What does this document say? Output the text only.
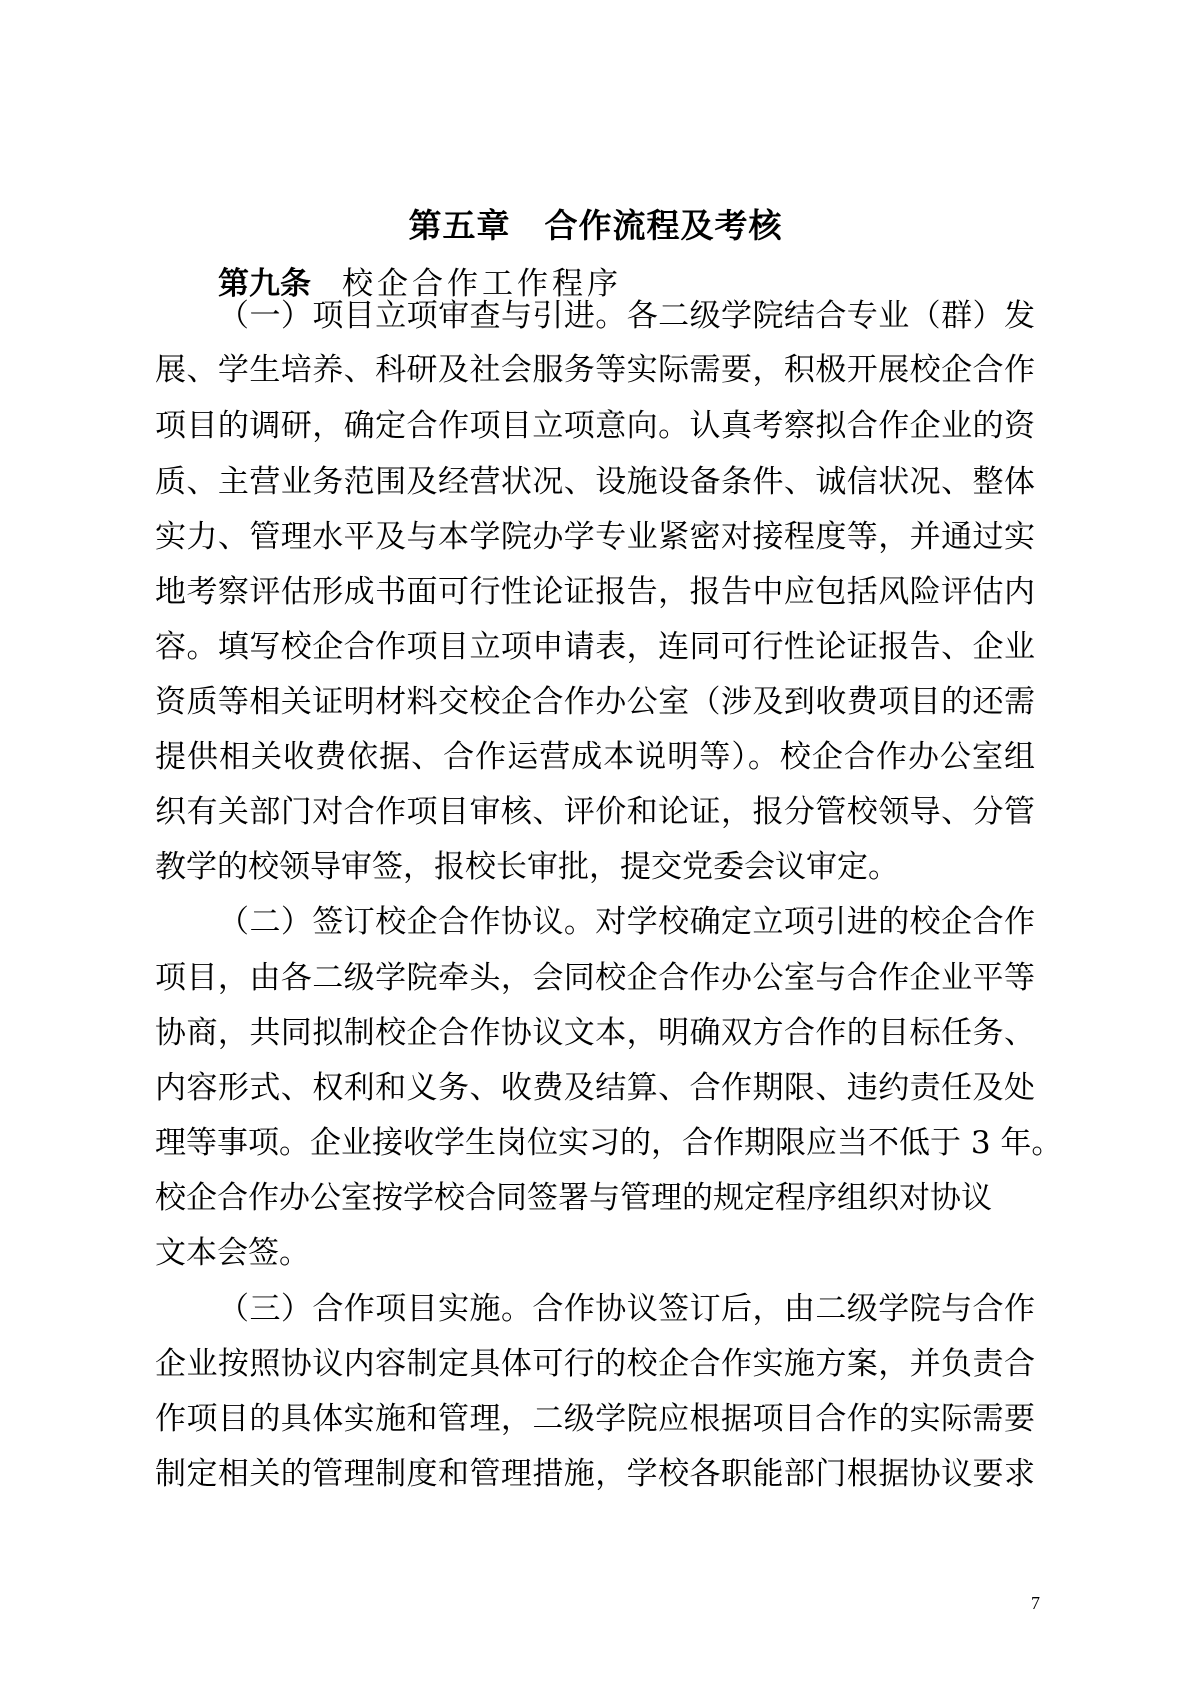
第五章　合作流程及考核
第九条　 校企合作工作程序
（一）项目立项审查与引进。各二级学院结合专业（群）发
展、学生培养、科研及社会服务等实际需要，积极开展校企合作
项目的调研，确定合作项目立项意向。认真考察拟合作企业的资
质、主营业务范围及经营状况、设施设备条件、诚信状况、整体
实力、管理水平及与本学院办学专业紧密对接程度等，并通过实
地考察评估形成书面可行性论证报告，报告中应包括风险评估内
容。填写校企合作项目立项申请表，连同可行性论证报告、企业
资质等相关证明材料交校企合作办公室（涉及到收费项目的还需
提供相关收费依据、合作运营成本说明等）。校企合作办公室组
织有关部门对合作项目审核、评价和论证，报分管校领导、分管
教学的校领导审签，报校长审批，提交党委会议审定。
（二）签订校企合作协议。对学校确定立项引进的校企合作
项目，由各二级学院牵头，会同校企合作办公室与合作企业平等
协商，共同拟制校企合作协议文本，明确双方合作的目标任务、
内容形式、权利和义务、收费及结算、合作期限、违约责任及处
理等事项。企业接收学生岗位实习的，合作期限应当不低于 3 年。
校企合作办公室按学校合同签署与管理的规定程序组织对协议
文本会签。
（三）合作项目实施。合作协议签订后，由二级学院与合作
企业按照协议内容制定具体可行的校企合作实施方案，并负责合
作项目的具体实施和管理，二级学院应根据项目合作的实际需要
制定相关的管理制度和管理措施，学校各职能部门根据协议要求
7
